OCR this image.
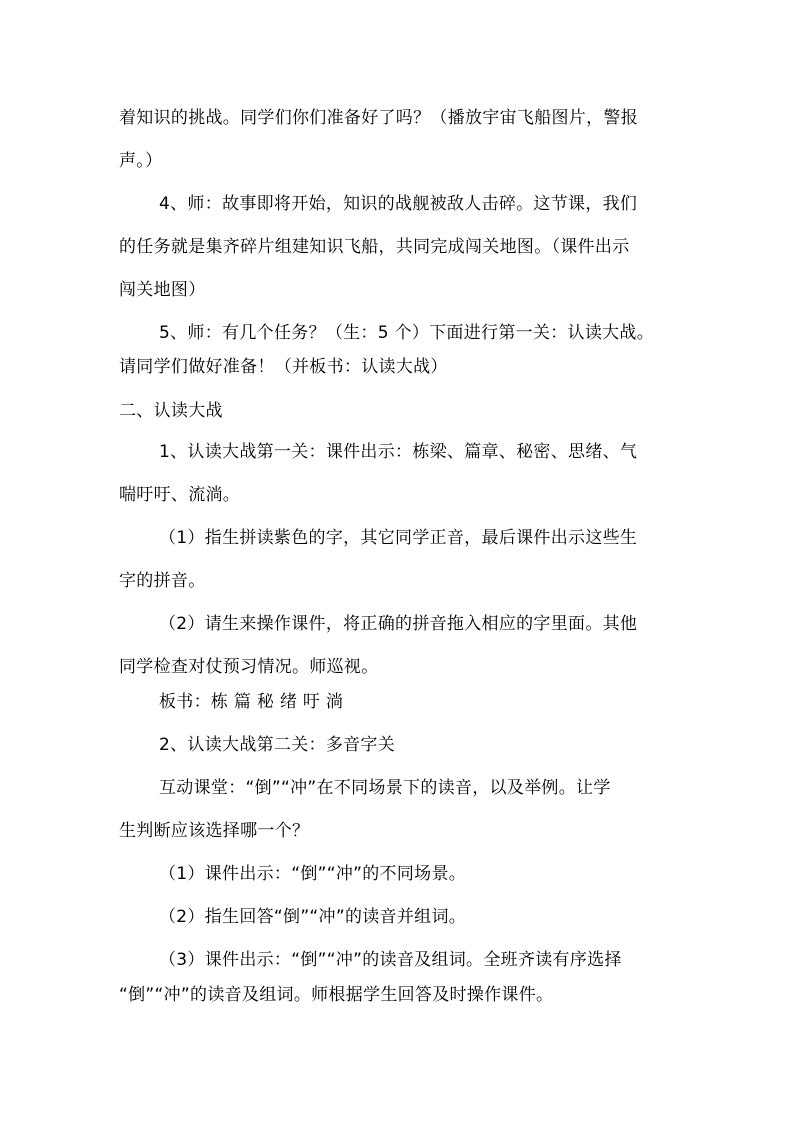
着知识的挑战。同学们你们准备好了吗？（播放宇宙飞船图片，警报
声。）
4、师：故事即将开始，知识的战舰被敌人击碎。这节课，我们
的任务就是集齐碎片组建知识飞船，共同完成闯关地图。（课件出示
闯关地图）
5、师：有几个任务？（生：5 个）下面进行第一关：认读大战。
请同学们做好准备！（并板书：认读大战）
二、认读大战
1、认读大战第一关：课件出示：栋梁、篇章、秘密、思绪、气
喘吁吁、流淌。
（1）指生拼读紫色的字，其它同学正音，最后课件出示这些生
字的拼音。
（2）请生来操作课件，将正确的拼音拖入相应的字里面。其他
同学检查对仗预习情况。师巡视。
板书：栋 篇 秘 绪 吁 淌
2、认读大战第二关：多音字关
互动课堂：“倒”“冲”在不同场景下的读音，以及举例。让学
生判断应该选择哪一个？
（1）课件出示：“倒”“冲”的不同场景。
（2）指生回答“倒”“冲”的读音并组词。
（3）课件出示：“倒”“冲”的读音及组词。全班齐读有序选择
“倒”“冲”的读音及组词。师根据学生回答及时操作课件。
